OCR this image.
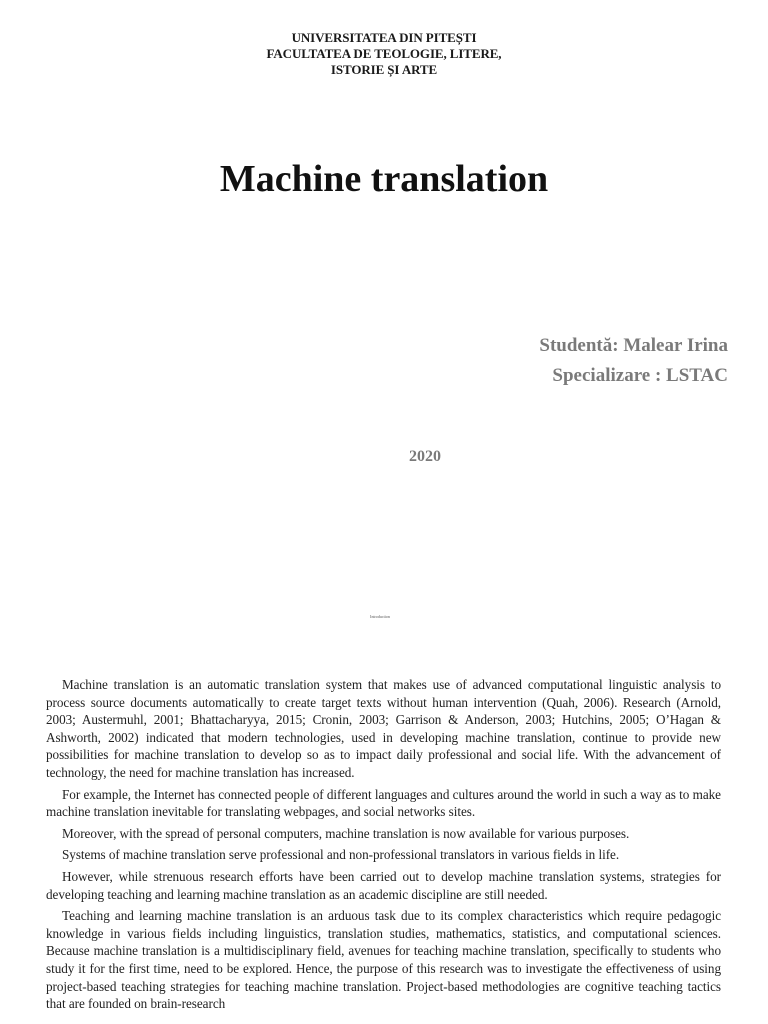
UNIVERSITATEA DIN PITEȘTI
FACULTATEA DE TEOLOGIE, LITERE,
ISTORIE ȘI ARTE
Machine translation
Studentă: Malear Irina
Specializare : LSTAC
2020
Introduction

Machine translation is an automatic translation system that makes use of advanced computational linguistic analysis to process source documents automatically to create target texts without human intervention (Quah, 2006). Research (Arnold, 2003; Austermuhl, 2001; Bhattacharyya, 2015; Cronin, 2003; Garrison & Anderson, 2003; Hutchins, 2005; O’Hagan & Ashworth, 2002) indicated that modern technologies, used in developing machine translation, continue to provide new possibilities for machine translation to develop so as to impact daily professional and social life. With the advancement of technology, the need for machine translation has increased.

For example, the Internet has connected people of different languages and cultures around the world in such a way as to make machine translation inevitable for translating webpages, and social networks sites.

Moreover, with the spread of personal computers, machine translation is now available for various purposes.

Systems of machine translation serve professional and non-professional translators in various fields in life.

However, while strenuous research efforts have been carried out to develop machine translation systems, strategies for developing teaching and learning machine translation as an academic discipline are still needed.

Teaching and learning machine translation is an arduous task due to its complex characteristics which require pedagogic knowledge in various fields including linguistics, translation studies, mathematics, statistics, and computational sciences. Because machine translation is a multidisciplinary field, avenues for teaching machine translation, specifically to students who study it for the first time, need to be explored. Hence, the purpose of this research was to investigate the effectiveness of using project-based teaching strategies for teaching machine translation. Project-based methodologies are cognitive teaching tactics that are founded on brain-research
